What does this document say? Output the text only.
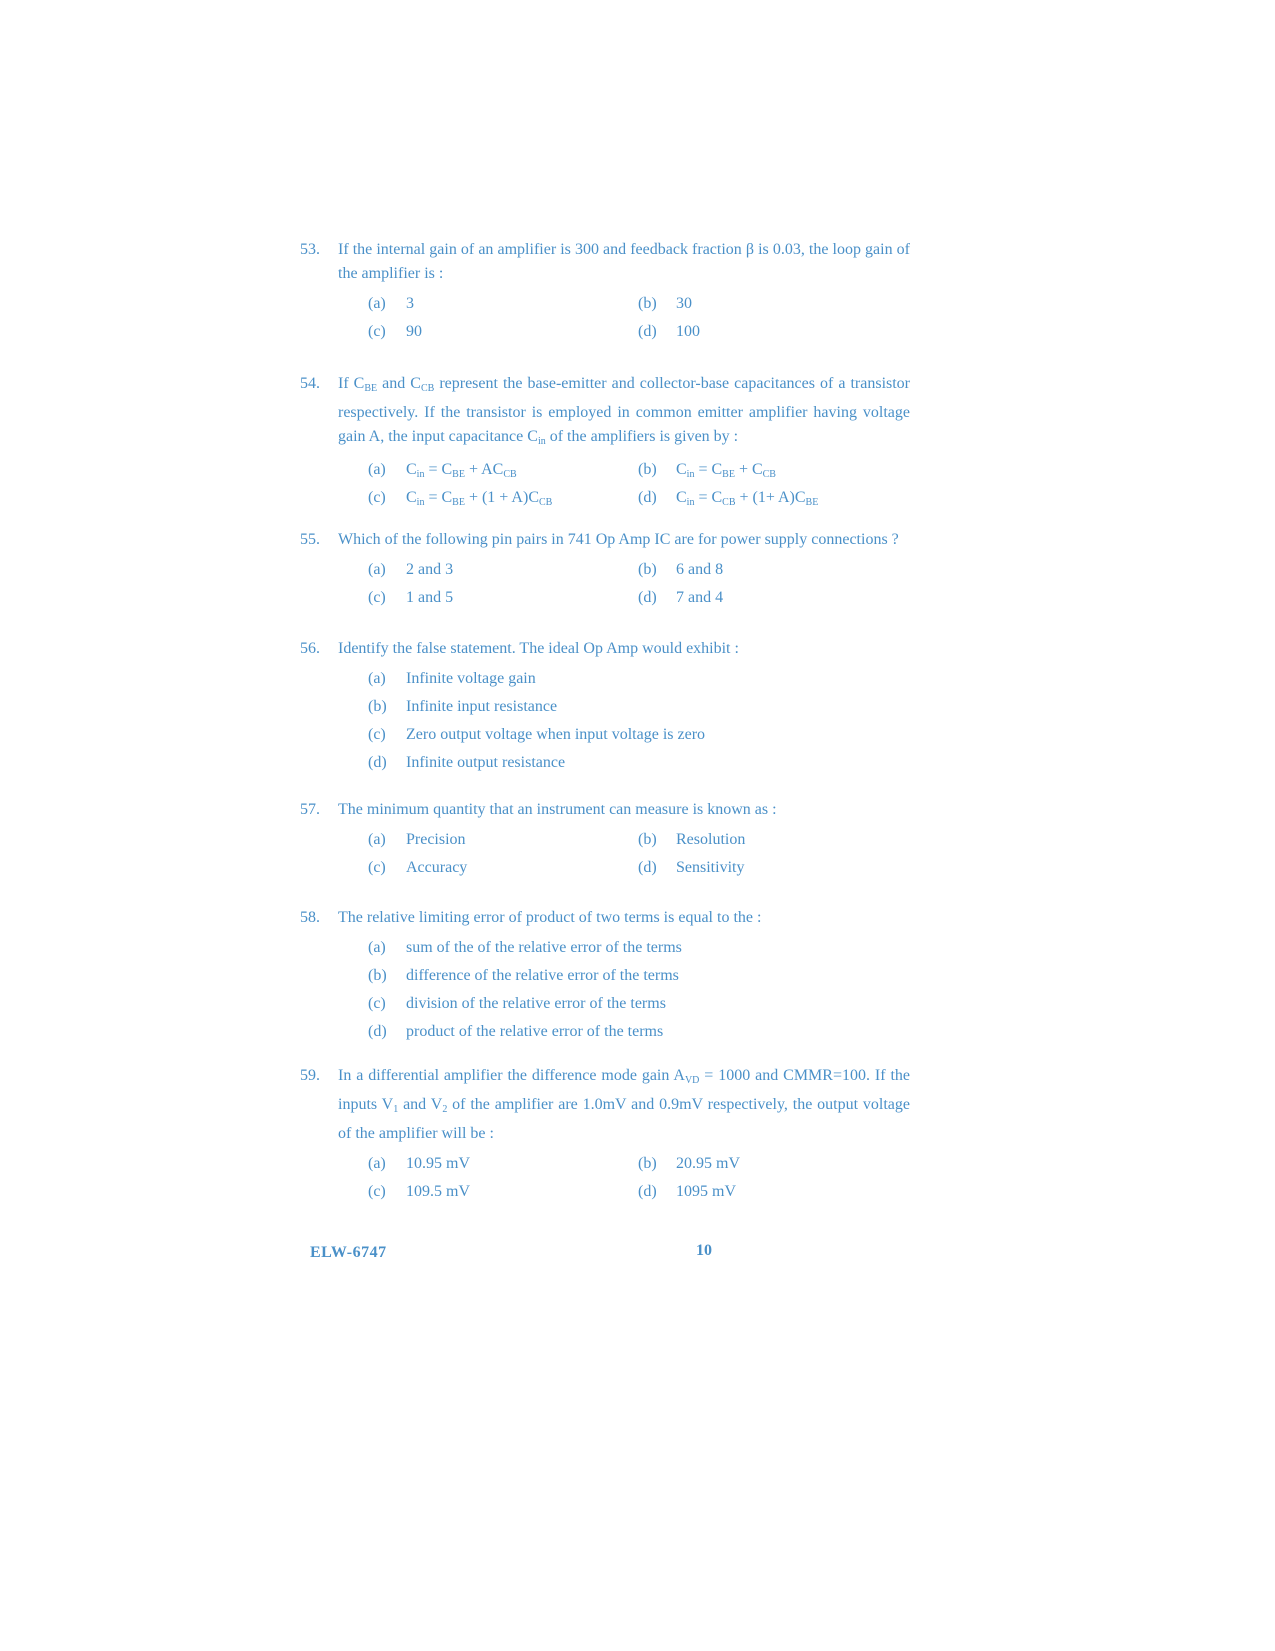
53.	If the internal gain of an amplifier is 300 and feedback fraction β is 0.03, the loop gain of the amplifier is :
(a)	3	(b)	30
(c)	90	(d)	100
54.	If $C_{BE}$ and $C_{CB}$ represent the base-emitter and collector-base capacitances of a transistor respectively. If the transistor is employed in common emitter amplifier having voltage gain A, the input capacitance $C_{in}$ of the amplifiers is given by :
(a)	$C_{in} = C_{BE} + AC_{CB}$	(b)	$C_{in} = C_{BE} + C_{CB}$
(c)	$C_{in} = C_{BE} + (1 + A)C_{CB}$	(d)	$C_{in} = C_{CB} + (1+ A)C_{BE}$
55.	Which of the following pin pairs in 741 Op Amp IC are for power supply connections ?
(a)	2 and 3	(b)	6 and 8
(c)	1 and 5	(d)	7 and 4
56.	Identify the false statement. The ideal Op Amp would exhibit :
(a)	Infinite voltage gain
(b)	Infinite input resistance
(c)	Zero output voltage when input voltage is zero
(d)	Infinite output resistance
57.	The minimum quantity that an instrument can measure is known as :
(a)	Precision	(b)	Resolution
(c)	Accuracy	(d)	Sensitivity
58.	The relative limiting error of product of two terms is equal to the :
(a)	sum of the of the relative error of the terms
(b)	difference of the relative error of the terms
(c)	division of the relative error of the terms
(d)	product of the relative error of the terms
59.	In a differential amplifier the difference mode gain $A_{VD} = 1000$ and CMMR=100. If the inputs $V_1$ and $V_2$ of the amplifier are 1.0mV and 0.9mV respectively, the output voltage of the amplifier will be :
(a)	10.95 mV	(b)	20.95 mV
(c)	109.5 mV	(d)	1095 mV
ELW-6747	10
